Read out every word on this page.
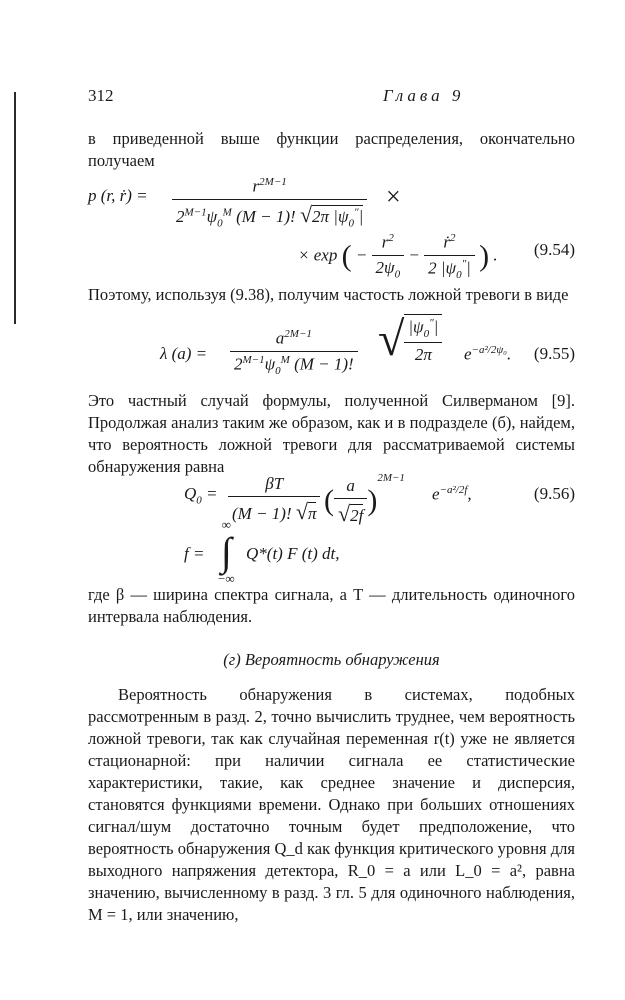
312	Глава 9

в приведенной выше функции распределения, окончательно получаем

p (r, ṙ) = $\frac{r^{2M-1}}{2^{M-1}\psi_0^M (M - 1)! √2\pi |\psi_0''|}$ ×
× exp ( − $\frac{r^2}{2\psi_0} - \frac{ṙ^2}{2 |\psi_0''|}$ ) . (9.54)

Поэтому, используя (9.38), получим частость ложной тревоги в виде

λ $(a) = \frac{a^{2M-1}}{2^{M-1}\psi_0^M (M - 1)!}$ √ $\frac{|\psi_0''|}{2\pi} e^{-a^2/2\psi_0}$. (9.55)

Это частный случай формулы, полученной Силверманом [9]. Продолжая анализ таким же образом, как и в подразделе (б), найдем, что вероятность ложной тревоги для рассматриваемой системы обнаружения равна

$Q_0 = \frac{\beta T}{(M - 1)! √\pi}$ ( $\frac{a}{√2f} )^{2M-1}$
$e^{-a^2/2f}$,	(9.56)
f =
∞
∫
−∞
Q*(t) F (t) dt,

где β — ширина спектра сигнала, а T — длительность одиночного интервала наблюдения.

(г) Вероятность обнаружения

Вероятность обнаружения в системах, подобных рассмотренным в разд. 2, точно вычислить труднее, чем вероятность ложной тревоги, так как случайная переменная r(t) уже не является стационарной: при наличии сигнала ее статистические характеристики, такие, как среднее значение и дисперсия, становятся функциями времени. Однако при больших отношениях сигнал/шум достаточно точным будет предположение, что вероятность обнаружения Q_d как функция критического уровня для выходного напряжения детектора, R_0 = a или L_0 = a², равна значению, вычисленному в разд. 3 гл. 5 для одиночного наблюдения, M = 1, или значению,
